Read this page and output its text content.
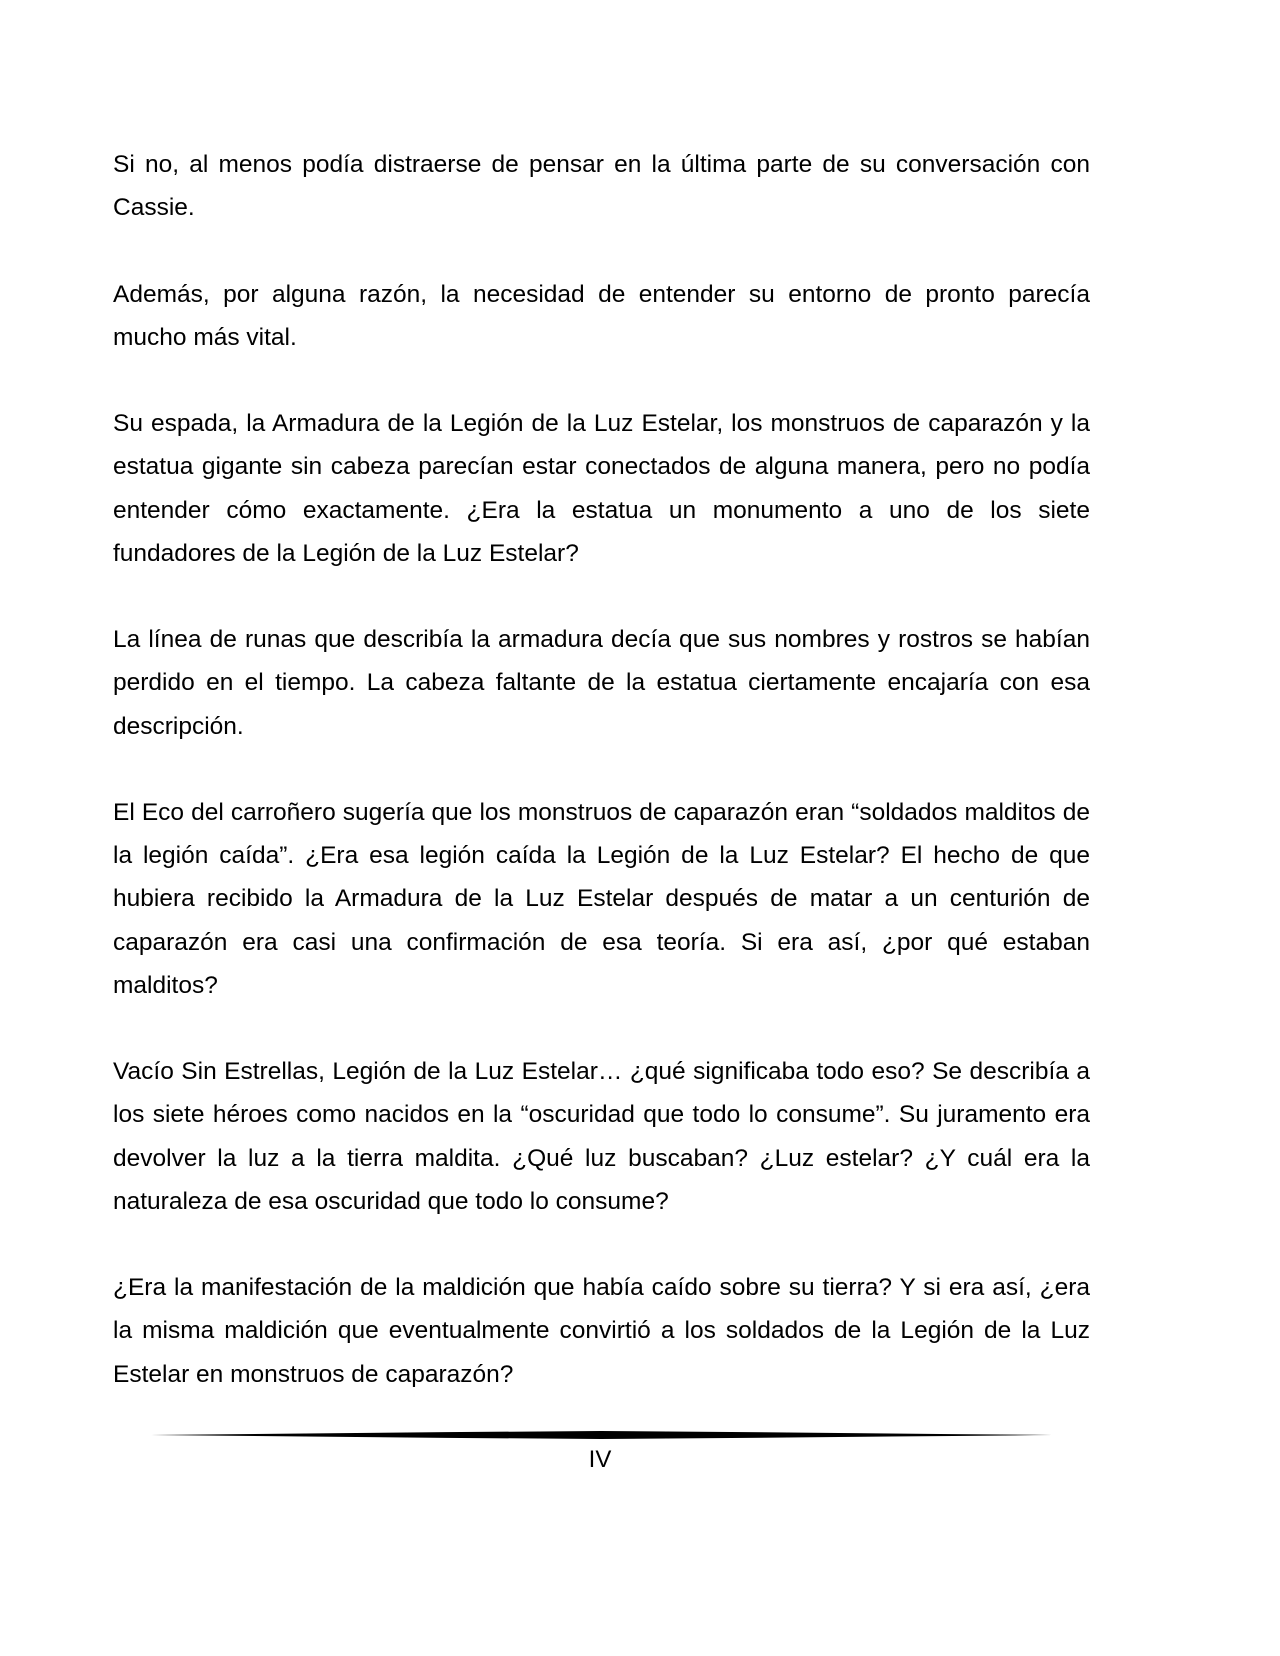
Si no, al menos podía distraerse de pensar en la última parte de su conversación con Cassie.

Además, por alguna razón, la necesidad de entender su entorno de pronto parecía mucho más vital.

Su espada, la Armadura de la Legión de la Luz Estelar, los monstruos de caparazón y la estatua gigante sin cabeza parecían estar conectados de alguna manera, pero no podía entender cómo exactamente. ¿Era la estatua un monumento a uno de los siete fundadores de la Legión de la Luz Estelar?

La línea de runas que describía la armadura decía que sus nombres y rostros se habían perdido en el tiempo. La cabeza faltante de la estatua ciertamente encajaría con esa descripción.

El Eco del carroñero sugería que los monstruos de caparazón eran “soldados malditos de la legión caída”. ¿Era esa legión caída la Legión de la Luz Estelar? El hecho de que hubiera recibido la Armadura de la Luz Estelar después de matar a un centurión de caparazón era casi una confirmación de esa teoría. Si era así, ¿por qué estaban malditos?

Vacío Sin Estrellas, Legión de la Luz Estelar… ¿qué significaba todo eso? Se describía a los siete héroes como nacidos en la “oscuridad que todo lo consume”. Su juramento era devolver la luz a la tierra maldita. ¿Qué luz buscaban? ¿Luz estelar? ¿Y cuál era la naturaleza de esa oscuridad que todo lo consume?

¿Era la manifestación de la maldición que había caído sobre su tierra? Y si era así, ¿era la misma maldición que eventualmente convirtió a los soldados de la Legión de la Luz Estelar en monstruos de caparazón?

IV
